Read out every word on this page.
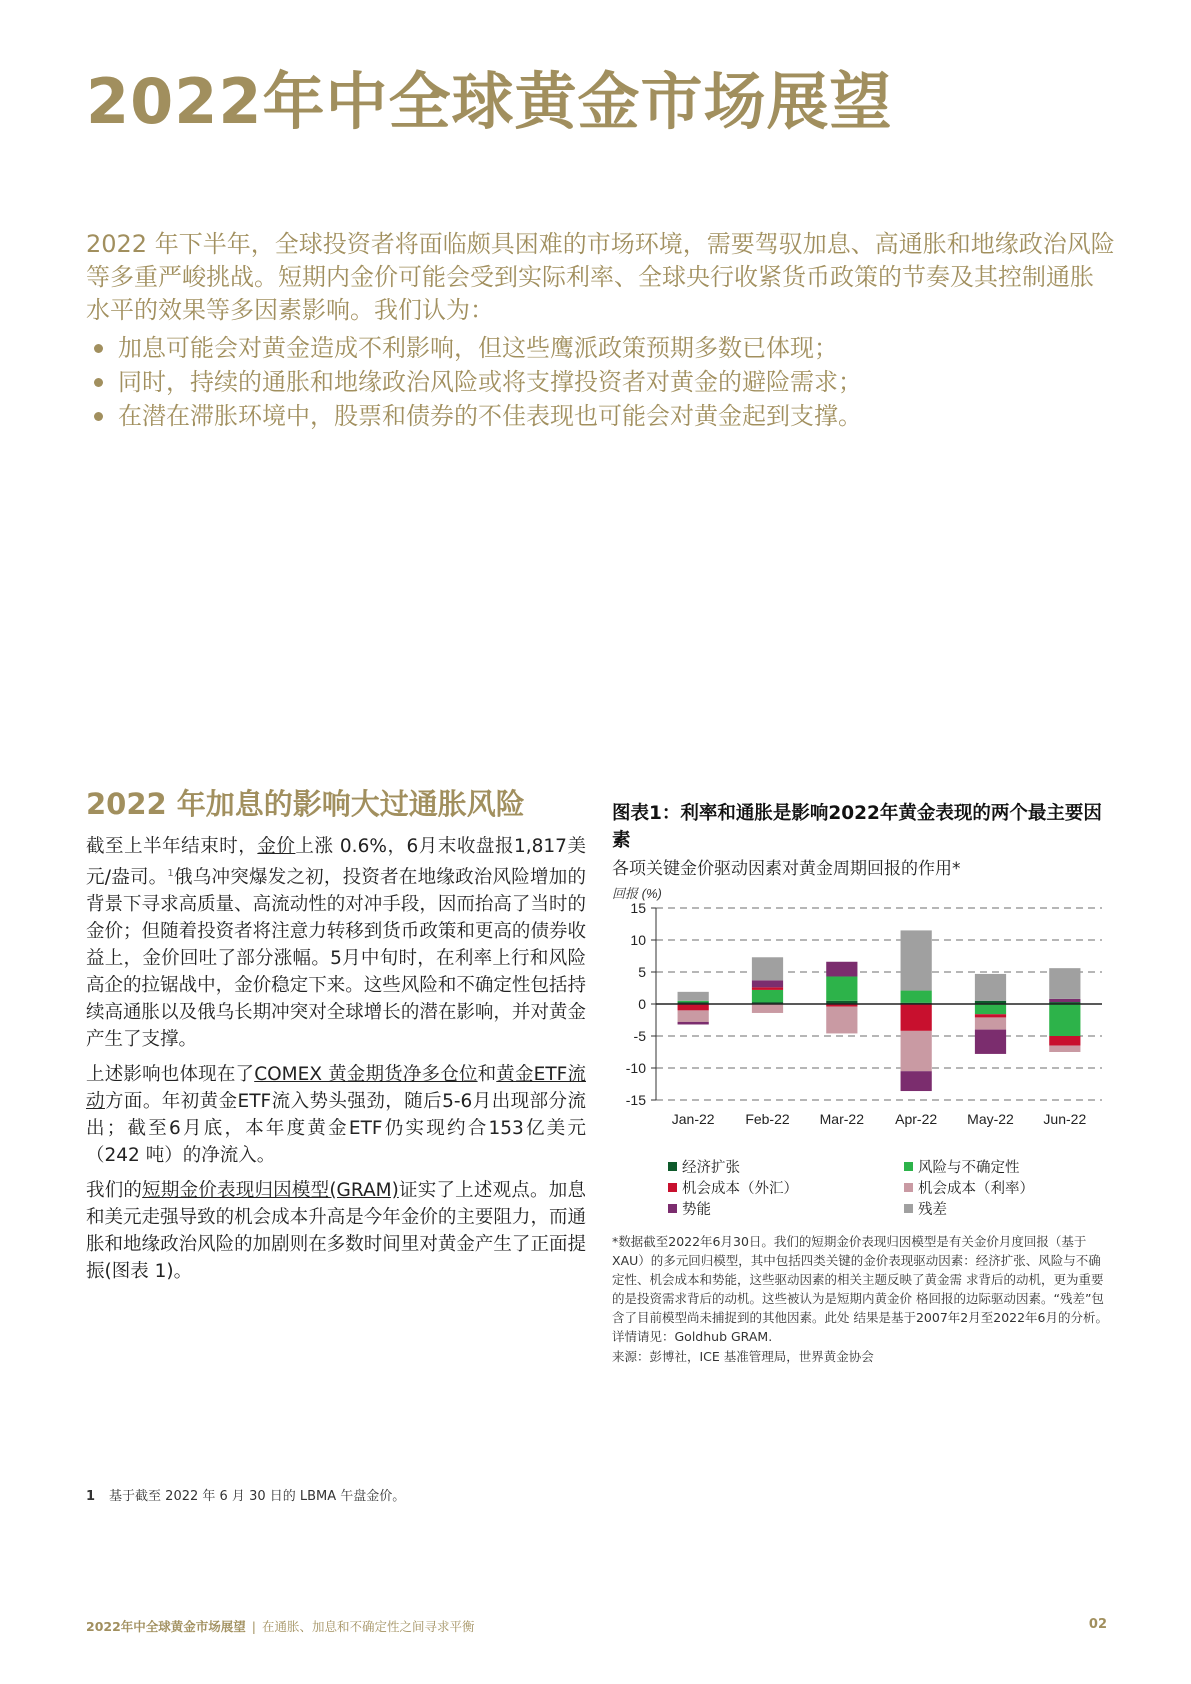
2022年中全球黄金市场展望

2022 年下半年，全球投资者将面临颇具困难的市场环境，需要驾驭加息、高通胀和地缘政治风险等多重严峻挑战。短期内金价可能会受到实际利率、全球央行收紧货币政策的节奏及其控制通胀水平的效果等多因素影响。我们认为：

加息可能会对黄金造成不利影响，但这些鹰派政策预期多数已体现；
同时，持续的通胀和地缘政治风险或将支撑投资者对黄金的避险需求；
在潜在滞胀环境中，股票和债券的不佳表现也可能会对黄金起到支撑。
2022 年加息的影响大过通胀风险

截至上半年结束时，金价上涨 0.6%，6月末收盘报1,817美元/盎司。$^1$俄乌冲突爆发之初，投资者在地缘政治风险增加的背景下寻求高质量、高流动性的对冲手段，因而抬高了当时的金价；但随着投资者将注意力转移到货币政策和更高的债券收益上，金价回吐了部分涨幅。5月中旬时，在利率上行和风险高企的拉锯战中，金价稳定下来。这些风险和不确定性包括持续高通胀以及俄乌长期冲突对全球增长的潜在影响，并对黄金产生了支撑。

上述影响也体现在了COMEX 黄金期货净多仓位和黄金ETF流动方面。年初黄金ETF流入势头强劲，随后5-6月出现部分流出；截至6月底，本年度黄金ETF仍实现约合153亿美元（242 吨）的净流入。

我们的短期金价表现归因模型(GRAM)证实了上述观点。加息和美元走强导致的机会成本升高是今年金价的主要阻力，而通胀和地缘政治风险的加剧则在多数时间里对黄金产生了正面提振(图表 1)。

图表1：利率和通胀是影响2022年黄金表现的两个最主要因素
各项关键金价驱动因素对黄金周期回报的作用*
回报 (%)
15
10
5
0
-5
-10
-15
Jan-22 Feb-22 Mar-22 Apr-22 May-22 Jun-22
经济扩张	风险与不确定性
机会成本（外汇）	机会成本（利率）
势能	残差
*数据截至2022年6月30日。我们的短期金价表现归因模型是有关金价月度回报（基于 XAU）的多元回归模型，其中包括四类关键的金价表现驱动因素：经济扩张、风险与不确定性、机会成本和势能，这些驱动因素的相关主题反映了黄金需 求背后的动机，更为重要的是投资需求背后的动机。这些被认为是短期内黄金价 格回报的边际驱动因素。“残差”包含了目前模型尚未捕捉到的其他因素。此处 结果是基于2007年2月至2022年6月的分析。 详情请见：Goldhub GRAM.
来源：彭博社，ICE 基准管理局，世界黄金协会
1 基于截至 2022 年 6 月 30 日的 LBMA 午盘金价。
2022年中全球黄金市场展望 | 在通胀、加息和不确定性之间寻求平衡	02
